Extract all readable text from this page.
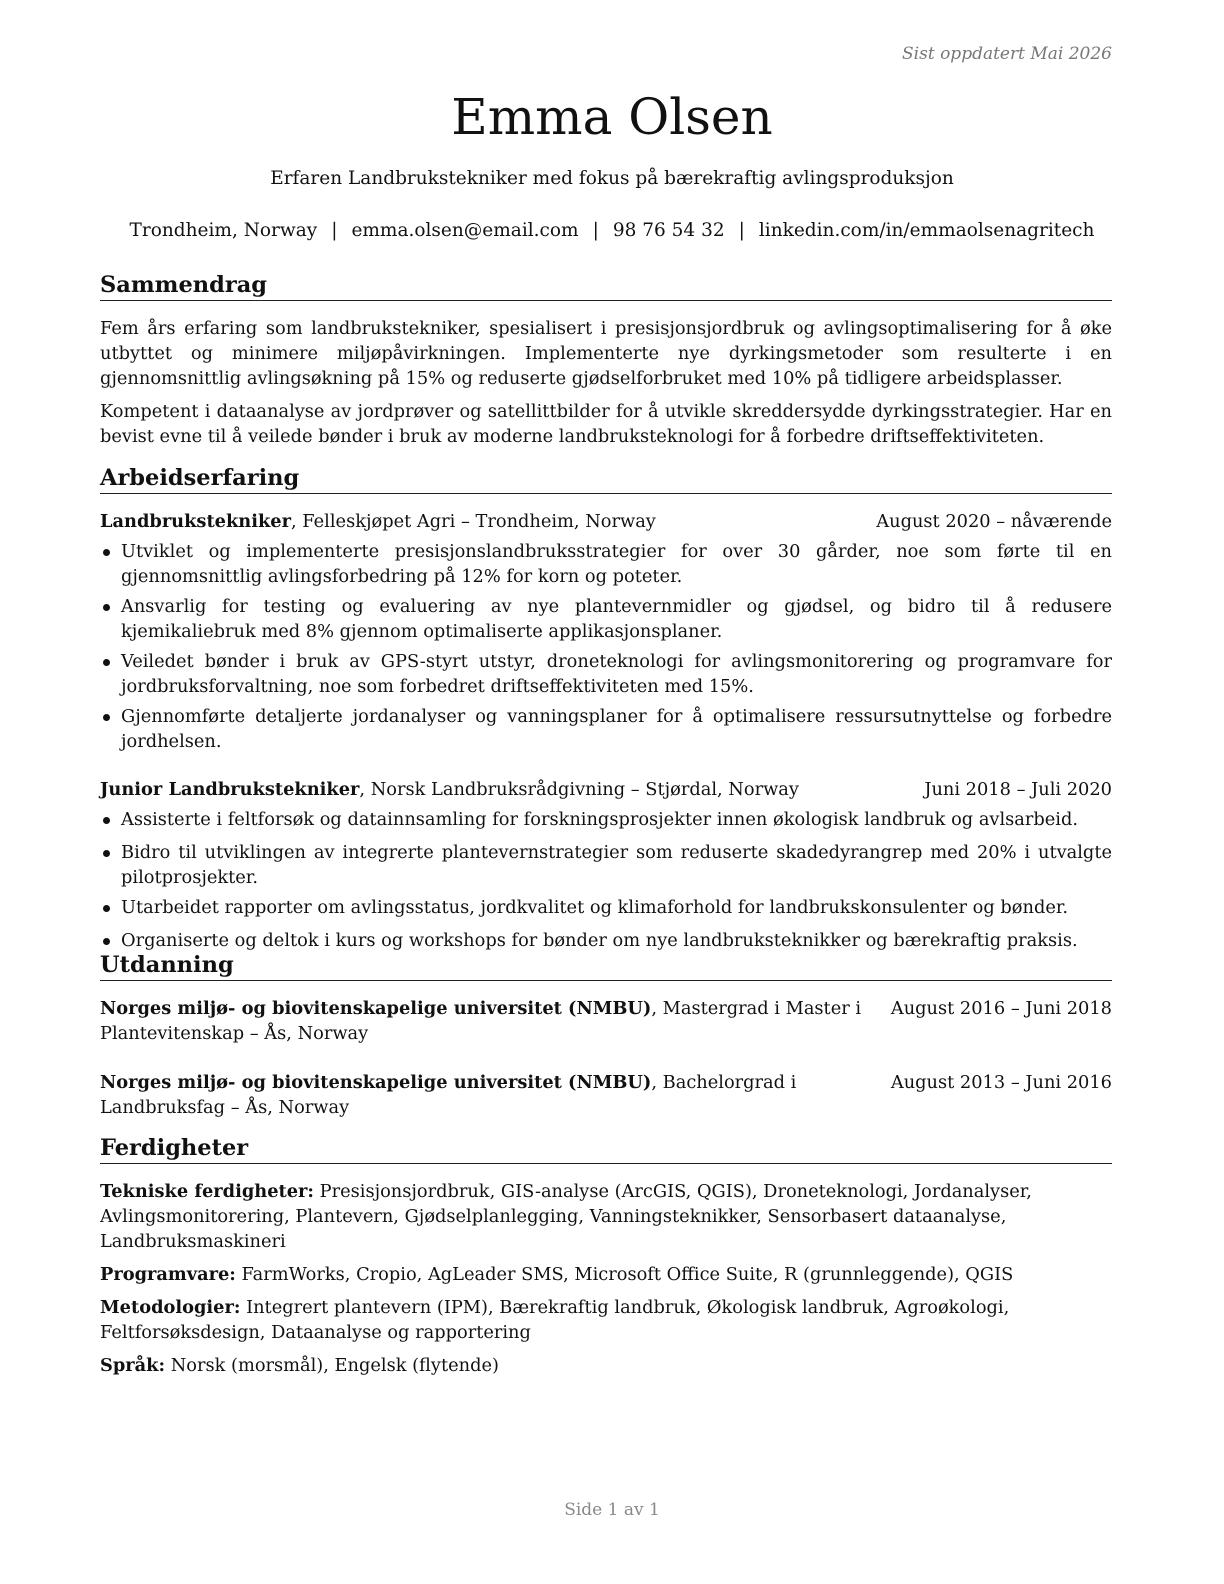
Sist oppdatert Mai 2026
Emma Olsen
Erfaren Landbrukstekniker med fokus på bærekraftig avlingsproduksjon
Trondheim, Norway | emma.olsen@email.com | 98 76 54 32 | linkedin.com/in/emmaolsenagritech
Sammendrag

Fem års erfaring som landbrukstekniker, spesialisert i presisjonsjordbruk og avlingsoptimalisering for å øke utbyttet og minimere miljøpåvirkningen. Implementerte nye dyrkingsmetoder som resulterte i en gjennomsnittlig avlingsøkning på 15% og reduserte gjødselforbruket med 10% på tidligere arbeidsplasser.

Kompetent i dataanalyse av jordprøver og satellittbilder for å utvikle skreddersydde dyrkingsstrategier. Har en bevist evne til å veilede bønder i bruk av moderne landbruksteknologi for å forbedre driftseffektiviteten.

Arbeidserfaring
Landbrukstekniker, Felleskjøpet Agri – Trondheim, Norway	August 2020 – nåværende
Utviklet og implementerte presisjonslandbruksstrategier for over 30 gårder, noe som førte til en gjennomsnittlig avlingsforbedring på 12% for korn og poteter.
Ansvarlig for testing og evaluering av nye plantevernmidler og gjødsel, og bidro til å redusere kjemikaliebruk med 8% gjennom optimaliserte applikasjonsplaner.
Veiledet bønder i bruk av GPS-styrt utstyr, droneteknologi for avlingsmonitorering og programvare for jordbruksforvaltning, noe som forbedret driftseffektiviteten med 15%.
Gjennomførte detaljerte jordanalyser og vanningsplaner for å optimalisere ressursutnyttelse og forbedre jordhelsen.
Junior Landbrukstekniker, Norsk Landbruksrådgivning – Stjørdal, Norway	Juni 2018 – Juli 2020
Assisterte i feltforsøk og datainnsamling for forskningsprosjekter innen økologisk landbruk og avlsarbeid.
Bidro til utviklingen av integrerte plantevernstrategier som reduserte skadedyrangrep med 20% i utvalgte pilotprosjekter.
Utarbeidet rapporter om avlingsstatus, jordkvalitet og klimaforhold for landbrukskonsulenter og bønder.
Organiserte og deltok i kurs og workshops for bønder om nye landbruksteknikker og bærekraftig praksis.
Utdanning
Norges miljø- og biovitenskapelige universitet (NMBU), Mastergrad i Master i Plantevitenskap – Ås, Norway
August 2016 – Juni 2018
Norges miljø- og biovitenskapelige universitet (NMBU), Bachelorgrad i Landbruksfag – Ås, Norway
August 2013 – Juni 2016
Ferdigheter

Tekniske ferdigheter: Presisjonsjordbruk, GIS-analyse (ArcGIS, QGIS), Droneteknologi, Jordanalyser, Avlingsmonitorering, Plantevern, Gjødselplanlegging, Vanningsteknikker, Sensorbasert dataanalyse, Landbruksmaskineri

Programvare: FarmWorks, Cropio, AgLeader SMS, Microsoft Office Suite, R (grunnleggende), QGIS

Metodologier: Integrert plantevern (IPM), Bærekraftig landbruk, Økologisk landbruk, Agroøkologi, Feltforsøksdesign, Dataanalyse og rapportering

Språk: Norsk (morsmål), Engelsk (flytende)

Side 1 av 1
